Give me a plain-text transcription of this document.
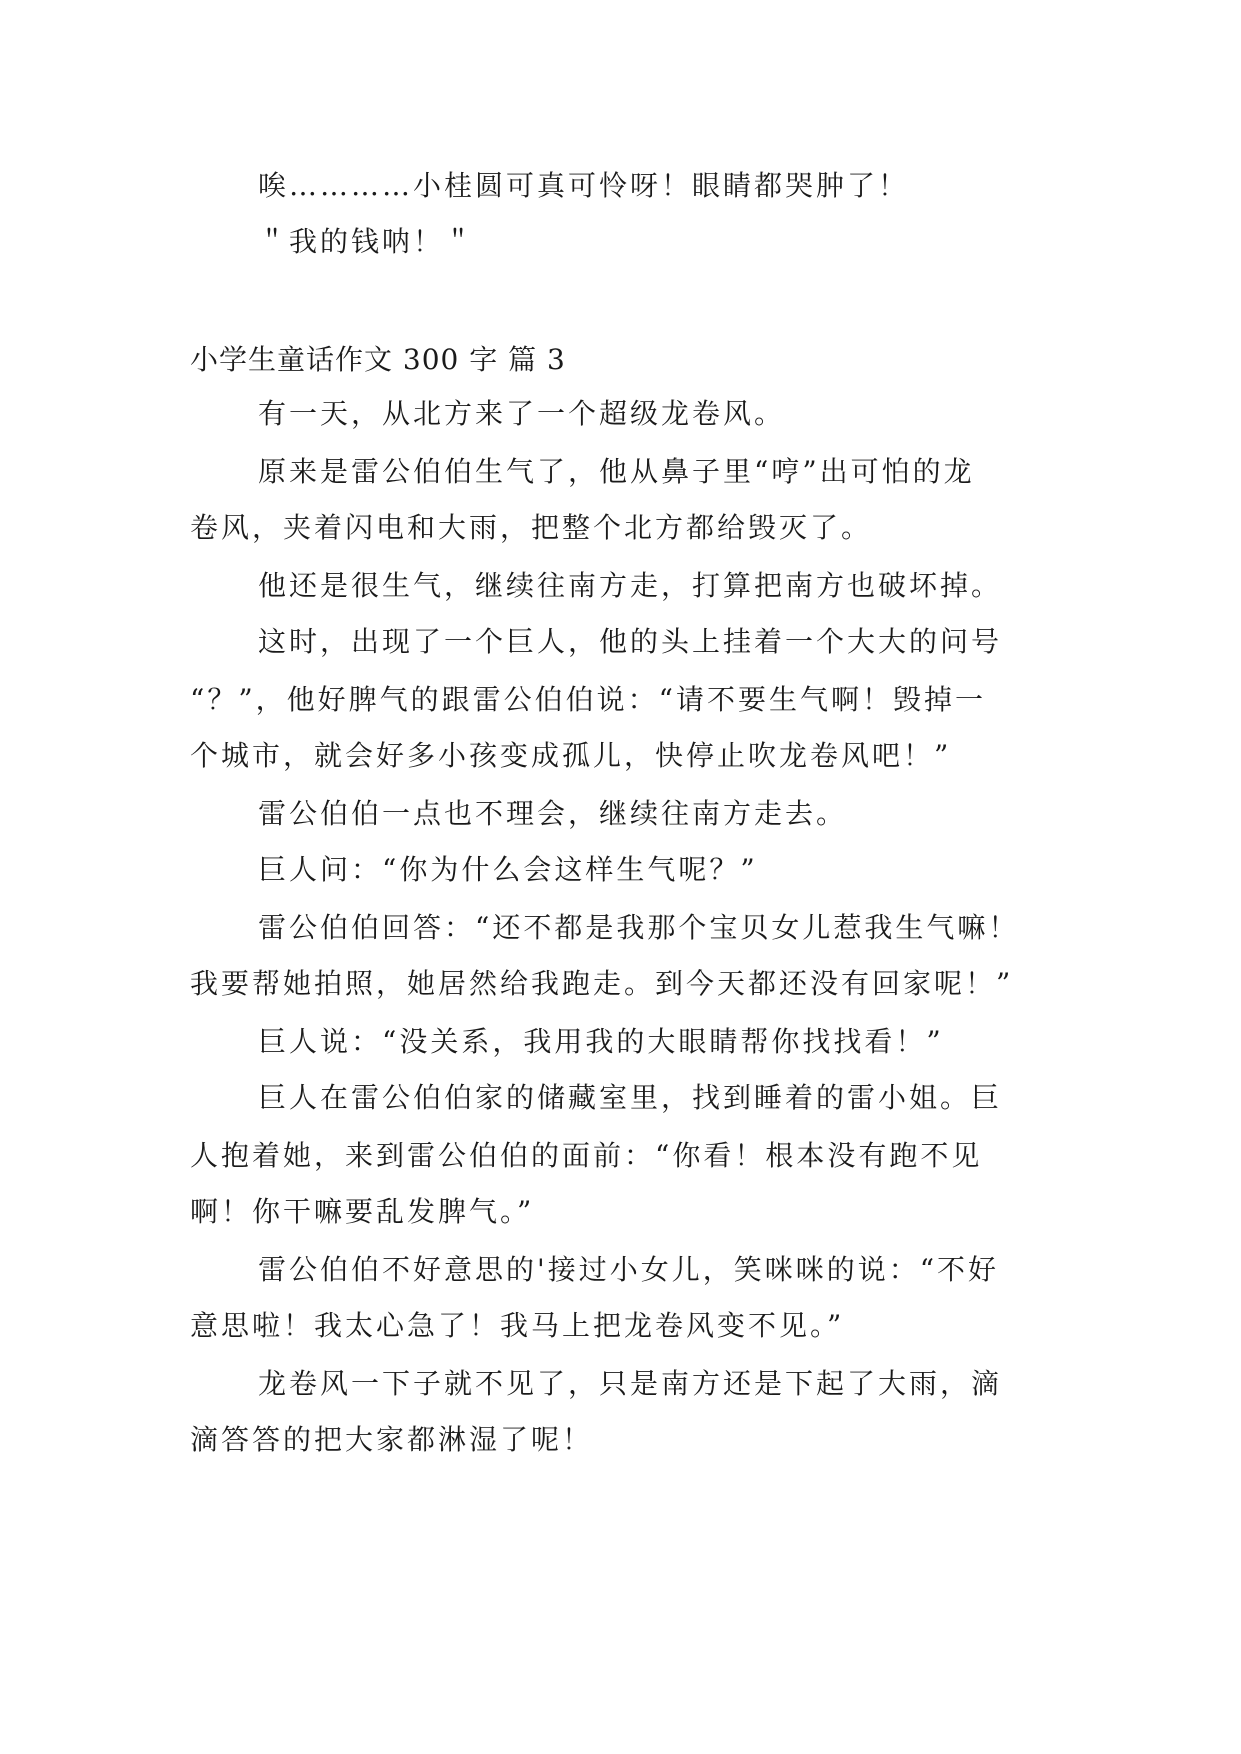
唉…………小桂圆可真可怜呀！眼睛都哭肿了！
＂我的钱呐！＂
小学生童话作文 300 字 篇 3
有一天，从北方来了一个超级龙卷风。
原来是雷公伯伯生气了，他从鼻子里“哼”出可怕的龙
卷风，夹着闪电和大雨，把整个北方都给毁灭了。
他还是很生气，继续往南方走，打算把南方也破坏掉。
这时，出现了一个巨人，他的头上挂着一个大大的问号
“？”，他好脾气的跟雷公伯伯说：“请不要生气啊！毁掉一
个城市，就会好多小孩变成孤儿，快停止吹龙卷风吧！”
雷公伯伯一点也不理会，继续往南方走去。
巨人问：“你为什么会这样生气呢？”
雷公伯伯回答：“还不都是我那个宝贝女儿惹我生气嘛！
我要帮她拍照，她居然给我跑走。到今天都还没有回家呢！”
巨人说：“没关系，我用我的大眼睛帮你找找看！”
巨人在雷公伯伯家的储藏室里，找到睡着的雷小姐。巨
人抱着她，来到雷公伯伯的面前：“你看！根本没有跑不见
啊！你干嘛要乱发脾气。”
雷公伯伯不好意思的'接过小女儿，笑咪咪的说：“不好
意思啦！我太心急了！我马上把龙卷风变不见。”
龙卷风一下子就不见了，只是南方还是下起了大雨，滴
滴答答的把大家都淋湿了呢！
